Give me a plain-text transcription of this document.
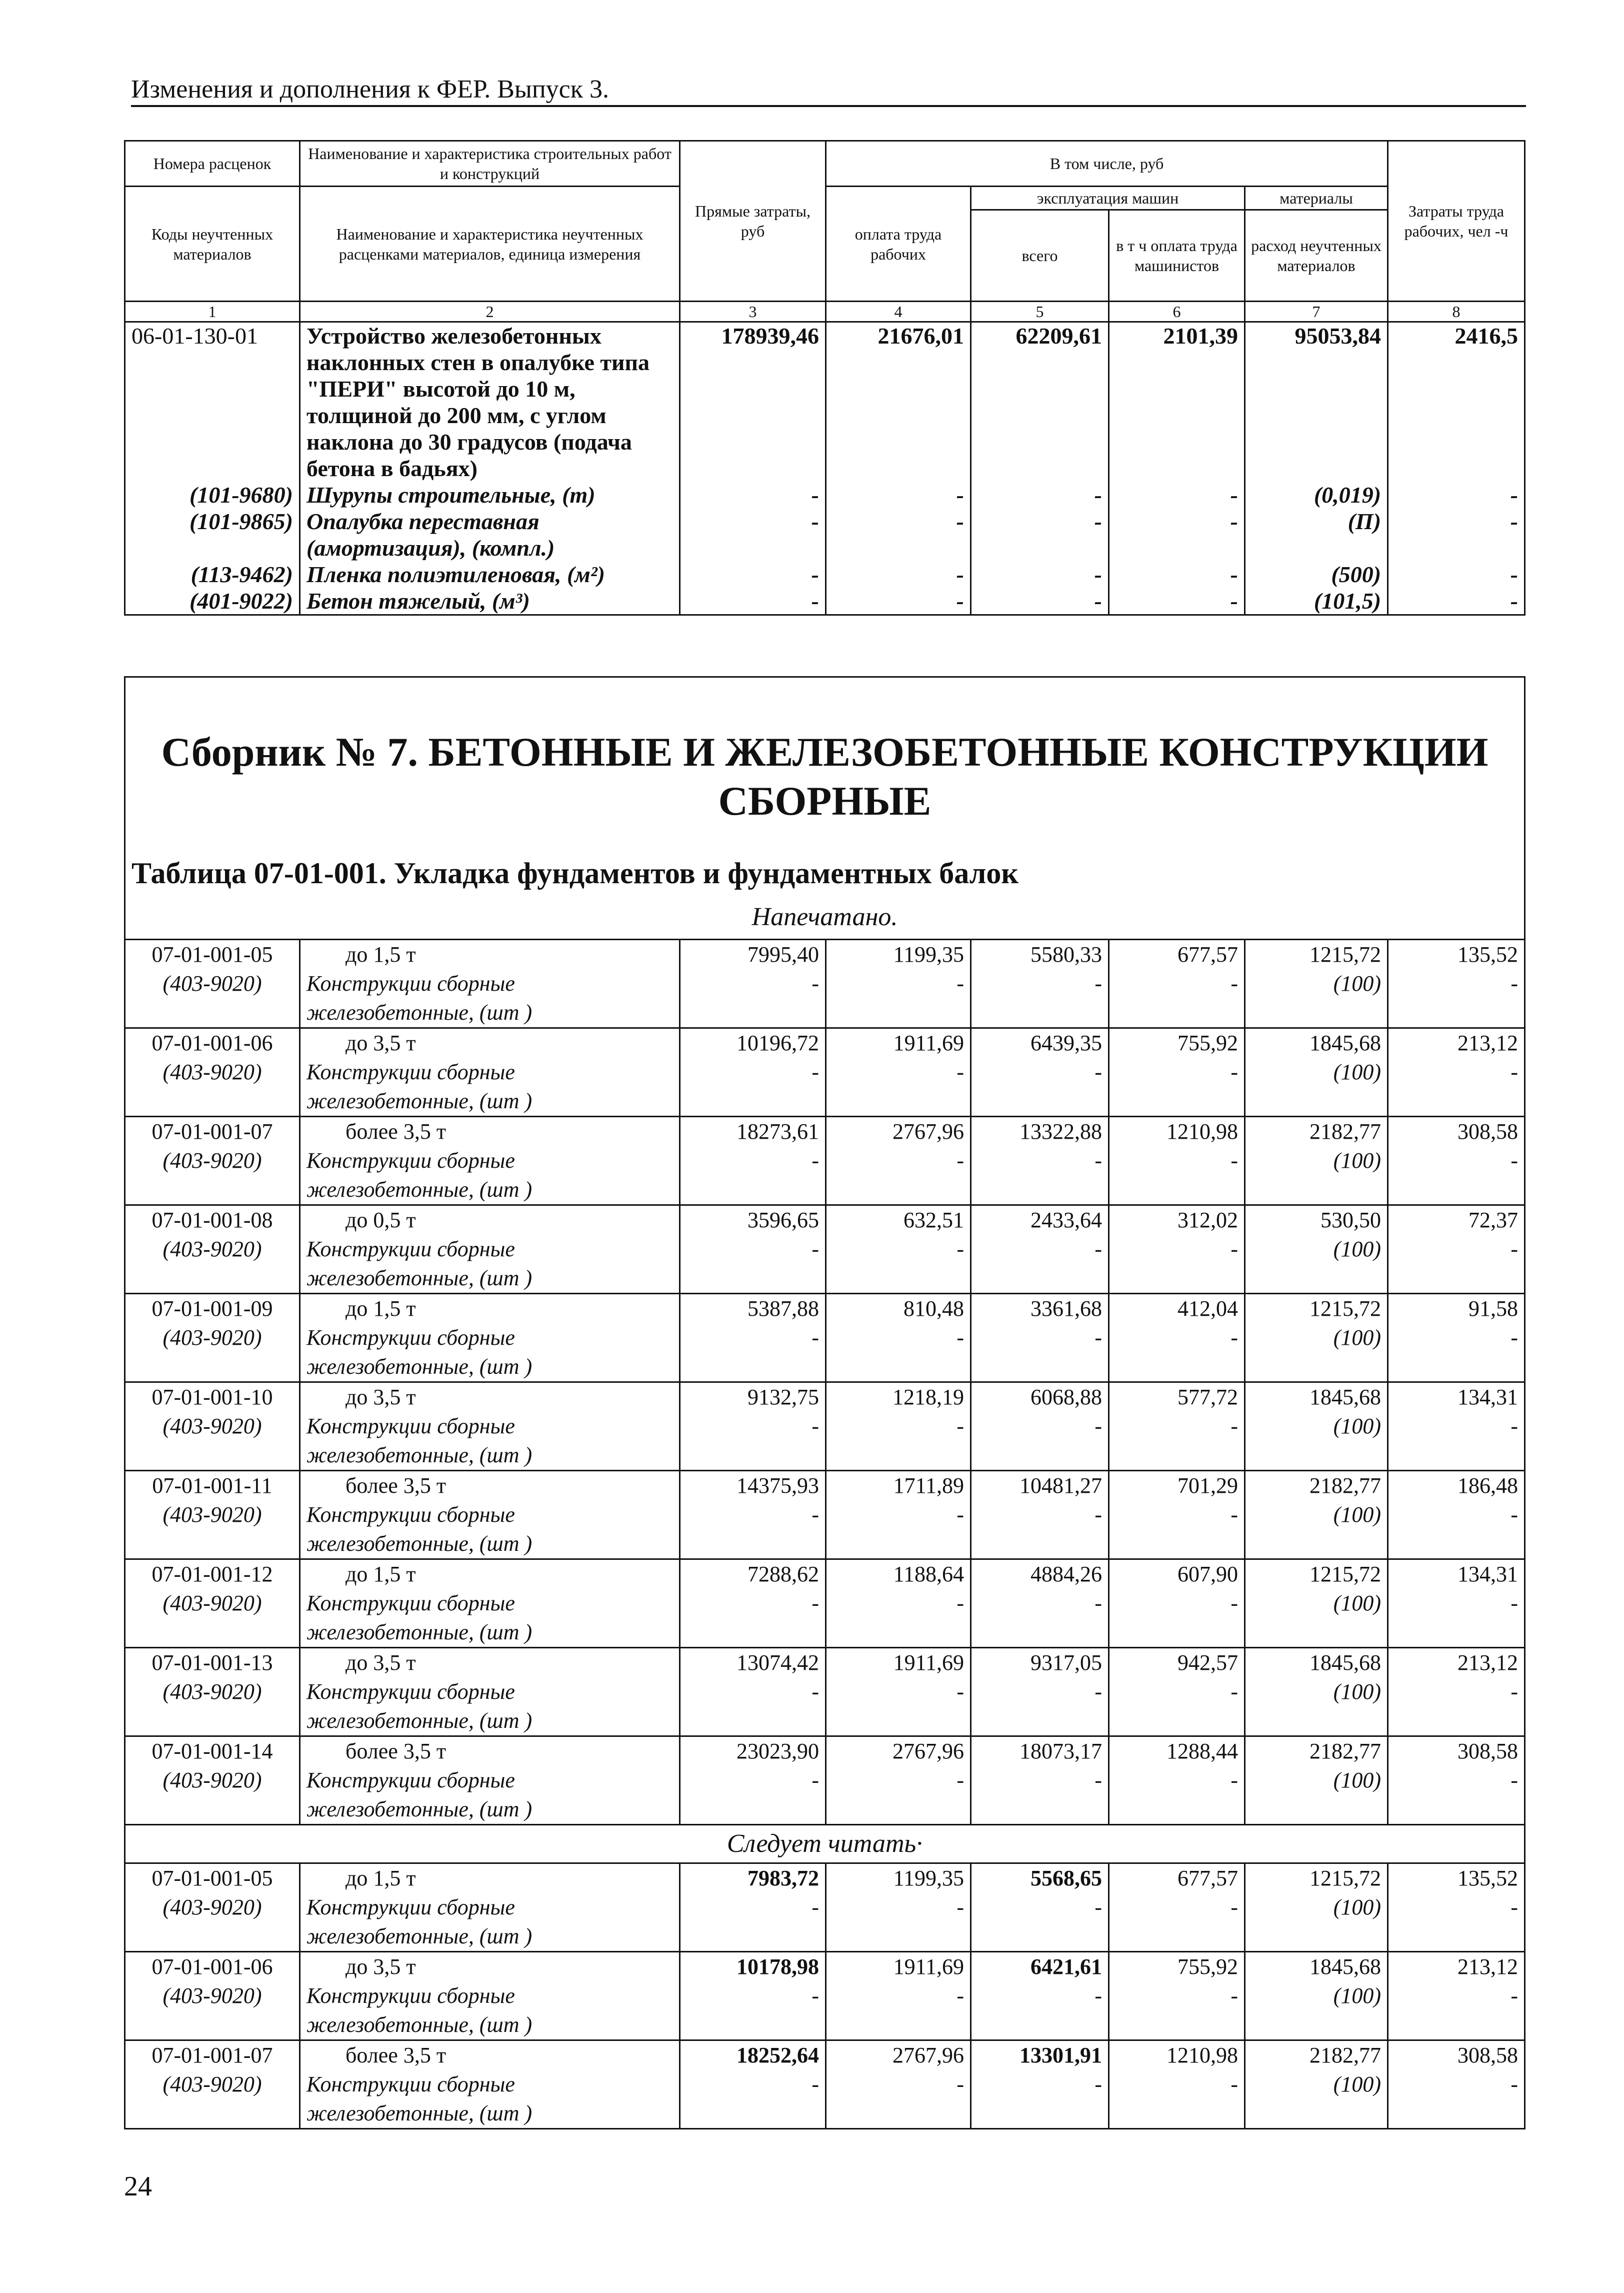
Изменения и дополнения к ФЕР. Выпуск 3.
Номера расценок	Наименование и характеристика строительных работ и конструкций	Прямые затраты, руб	В том числе, руб				Затраты труда рабочих, чел -ч
Коды неучтенных материалов	Наименование и характеристика неучтенных расценками материалов, единица измерения		оплата труда рабочих	эксплуатация машин		материалы	
				всего	в т ч оплата труда машинистов	расход неучтенных материалов	
1	2	3	4	5	6	7	8
06-01-130-01	Устройство железобетонных наклонных стен в опалубке типа "ПЕРИ" высотой до 10 м, толщиной до 200 мм, с углом наклона до 30 градусов (подача бетона в бадьях)	178939,46	21676,01	62209,61	2101,39	95053,84	2416,5
(101-9680)	Шурупы строительные, (т)	-	-	-	-	(0,019)	-
(101-9865)	Опалубка переставная (амортизация), (компл.)	-	-	-	-	(П)	-
(113-9462)	Пленка полиэтиленовая, (м²)	-	-	-	-	(500)	-
(401-9022)	Бетон тяжелый, (м³)	-	-	-	-	(101,5)	-
Сборник № 7. БЕТОННЫЕ И ЖЕЛЕЗОБЕТОННЫЕ КОНСТРУКЦИИ СБОРНЫЕ
Таблица 07-01-001. Укладка фундаментов и фундаментных балок
Напечатано.							

07-01-001-05	до 1,5 т	7995,40	1199,35	5580,33	677,57	1215,72	135,52
(403-9020)	Конструкции сборные железобетонные, (шт )	-	-	-	-	(100)	-
07-01-001-06	до 3,5 т	10196,72	1911,69	6439,35	755,92	1845,68	213,12
(403-9020)	Конструкции сборные железобетонные, (шт )	-	-	-	-	(100)	-
07-01-001-07	более 3,5 т	18273,61	2767,96	13322,88	1210,98	2182,77	308,58
(403-9020)	Конструкции сборные железобетонные, (шт )	-	-	-	-	(100)	-
07-01-001-08	до 0,5 т	3596,65	632,51	2433,64	312,02	530,50	72,37
(403-9020)	Конструкции сборные железобетонные, (шт )	-	-	-	-	(100)	-
07-01-001-09	до 1,5 т	5387,88	810,48	3361,68	412,04	1215,72	91,58
(403-9020)	Конструкции сборные железобетонные, (шт )	-	-	-	-	(100)	-
07-01-001-10	до 3,5 т	9132,75	1218,19	6068,88	577,72	1845,68	134,31
(403-9020)	Конструкции сборные железобетонные, (шт )	-	-	-	-	(100)	-
07-01-001-11	более 3,5 т	14375,93	1711,89	10481,27	701,29	2182,77	186,48
(403-9020)	Конструкции сборные железобетонные, (шт )	-	-	-	-	(100)	-
07-01-001-12	до 1,5 т	7288,62	1188,64	4884,26	607,90	1215,72	134,31
(403-9020)	Конструкции сборные железобетонные, (шт )	-	-	-	-	(100)	-
07-01-001-13	до 3,5 т	13074,42	1911,69	9317,05	942,57	1845,68	213,12
(403-9020)	Конструкции сборные железобетонные, (шт )	-	-	-	-	(100)	-
07-01-001-14	более 3,5 т	23023,90	2767,96	18073,17	1288,44	2182,77	308,58
(403-9020)	Конструкции сборные железобетонные, (шт )	-	-	-	-	(100)	-

Следует читать·							

07-01-001-05	до 1,5 т	7983,72	1199,35	5568,65	677,57	1215,72	135,52
(403-9020)	Конструкции сборные железобетонные, (шт )	-	-	-	-	(100)	-
07-01-001-06	до 3,5 т	10178,98	1911,69	6421,61	755,92	1845,68	213,12
(403-9020)	Конструкции сборные железобетонные, (шт )	-	-	-	-	(100)	-
07-01-001-07	более 3,5 т	18252,64	2767,96	13301,91	1210,98	2182,77	308,58
(403-9020)	Конструкции сборные железобетонные, (шт )	-	-	-	-	(100)	-
24
